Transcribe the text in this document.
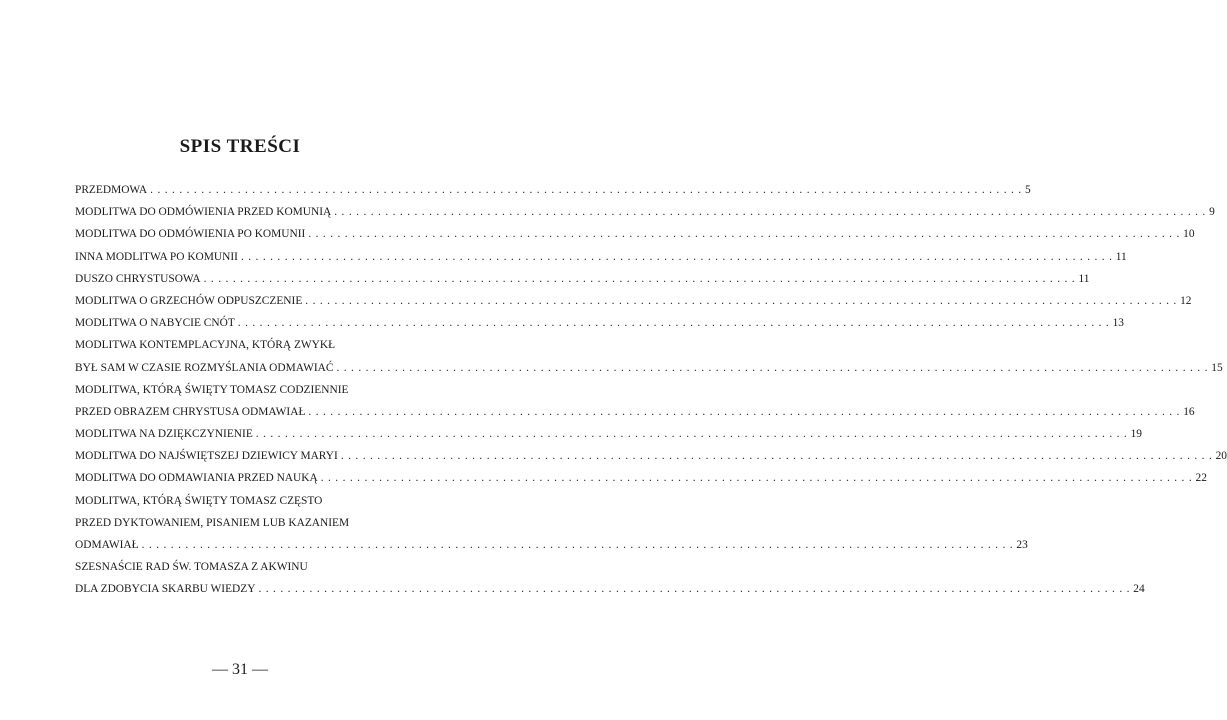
SPIS TREŚCI
PRZEDMOWA . . . . . . . . . . . . . . . . . . . . . . . . . . . . . . . . . . . . . . . . . . . . . . . . . . . . . . . . . . . . . . . . . . . . . . . . . . . . . . . . . . . . . . . . . . . . . . . . . . . . . . . . . . . . . . . . . . . . . . . . 5
MODLITWA DO ODMÓWIENIA PRZED KOMUNIĄ . . . . . . . . . . . . . . . . . . . . . . . . . . . . . . . . . . . . . . . . . . . . . . . . . . . . . . . . . . . . . . . . . . . . . . . . . . . . . . . . . . . . . . . . . . . . . . . . . . . . . . . . . . . . . . . . . . . . . . . . 9
MODLITWA DO ODMÓWIENIA PO KOMUNII . . . . . . . . . . . . . . . . . . . . . . . . . . . . . . . . . . . . . . . . . . . . . . . . . . . . . . . . . . . . . . . . . . . . . . . . . . . . . . . . . . . . . . . . . . . . . . . . . . . . . . . . . . . . . . . . . . . . . . . . 10
INNA MODLITWA PO KOMUNII . . . . . . . . . . . . . . . . . . . . . . . . . . . . . . . . . . . . . . . . . . . . . . . . . . . . . . . . . . . . . . . . . . . . . . . . . . . . . . . . . . . . . . . . . . . . . . . . . . . . . . . . . . . . . . . . . . . . . . . . 11
DUSZO CHRYSTUSOWA . . . . . . . . . . . . . . . . . . . . . . . . . . . . . . . . . . . . . . . . . . . . . . . . . . . . . . . . . . . . . . . . . . . . . . . . . . . . . . . . . . . . . . . . . . . . . . . . . . . . . . . . . . . . . . . . . . . . . . . . 11
MODLITWA O GRZECHÓW ODPUSZCZENIE . . . . . . . . . . . . . . . . . . . . . . . . . . . . . . . . . . . . . . . . . . . . . . . . . . . . . . . . . . . . . . . . . . . . . . . . . . . . . . . . . . . . . . . . . . . . . . . . . . . . . . . . . . . . . . . . . . . . . . . . 12
MODLITWA O NABYCIE CNÓT . . . . . . . . . . . . . . . . . . . . . . . . . . . . . . . . . . . . . . . . . . . . . . . . . . . . . . . . . . . . . . . . . . . . . . . . . . . . . . . . . . . . . . . . . . . . . . . . . . . . . . . . . . . . . . . . . . . . . . . . 13
MODLITWA KONTEMPLACYJNA, KTÓRĄ ZWYKŁ
BYŁ SAM W CZASIE ROZMYŚLANIA ODMAWIAĆ . . . . . . . . . . . . . . . . . . . . . . . . . . . . . . . . . . . . . . . . . . . . . . . . . . . . . . . . . . . . . . . . . . . . . . . . . . . . . . . . . . . . . . . . . . . . . . . . . . . . . . . . . . . . . . . . . . . . . . . . 15
MODLITWA, KTÓRĄ ŚWIĘTY TOMASZ CODZIENNIE
PRZED OBRAZEM CHRYSTUSA ODMAWIAŁ . . . . . . . . . . . . . . . . . . . . . . . . . . . . . . . . . . . . . . . . . . . . . . . . . . . . . . . . . . . . . . . . . . . . . . . . . . . . . . . . . . . . . . . . . . . . . . . . . . . . . . . . . . . . . . . . . . . . . . . . 16
MODLITWA NA DZIĘKCZYNIENIE . . . . . . . . . . . . . . . . . . . . . . . . . . . . . . . . . . . . . . . . . . . . . . . . . . . . . . . . . . . . . . . . . . . . . . . . . . . . . . . . . . . . . . . . . . . . . . . . . . . . . . . . . . . . . . . . . . . . . . . . 19
MODLITWA DO NAJŚWIĘTSZEJ DZIEWICY MARYI . . . . . . . . . . . . . . . . . . . . . . . . . . . . . . . . . . . . . . . . . . . . . . . . . . . . . . . . . . . . . . . . . . . . . . . . . . . . . . . . . . . . . . . . . . . . . . . . . . . . . . . . . . . . . . . . . . . . . . . . 20
MODLITWA DO ODMAWIANIA PRZED NAUKĄ . . . . . . . . . . . . . . . . . . . . . . . . . . . . . . . . . . . . . . . . . . . . . . . . . . . . . . . . . . . . . . . . . . . . . . . . . . . . . . . . . . . . . . . . . . . . . . . . . . . . . . . . . . . . . . . . . . . . . . . . 22
MODLITWA, KTÓRĄ ŚWIĘTY TOMASZ CZĘSTO
PRZED DYKTOWANIEM, PISANIEM LUB KAZANIEM
ODMAWIAŁ . . . . . . . . . . . . . . . . . . . . . . . . . . . . . . . . . . . . . . . . . . . . . . . . . . . . . . . . . . . . . . . . . . . . . . . . . . . . . . . . . . . . . . . . . . . . . . . . . . . . . . . . . . . . . . . . . . . . . . . . 23
SZESNAŚCIE RAD ŚW. TOMASZA Z AKWINU
DLA ZDOBYCIA SKARBU WIEDZY . . . . . . . . . . . . . . . . . . . . . . . . . . . . . . . . . . . . . . . . . . . . . . . . . . . . . . . . . . . . . . . . . . . . . . . . . . . . . . . . . . . . . . . . . . . . . . . . . . . . . . . . . . . . . . . . . . . . . . . . 24
— 31 —
